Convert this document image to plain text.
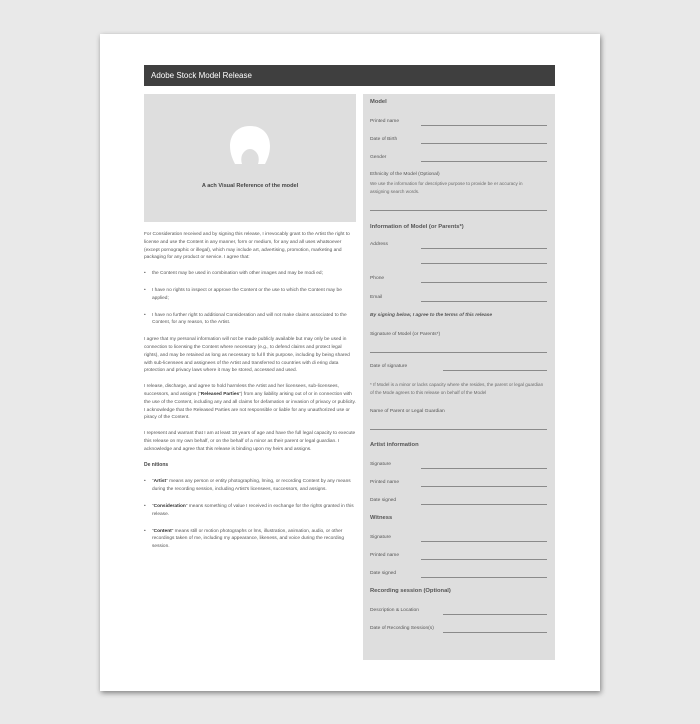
Adobe Stock Model Release
A ach Visual Reference of the model

For Consideration received and by signing this release, I irrevocably grant to the Artist the right to license and use the Content in any manner, form or medium, for any and all uses whatsoever (except pornographic or illegal), which may include art, advertising, promotion, marketing and packaging for any product or service. I agree that:

• the Content may be used in combination with other images and may be modi ed;
• I have no rights to inspect or approve the Content or the use to which the Content may be applied;
• I have no further right to additional Consideration and will not make claims associated to the Content, for any reason, to the Artist.

I agree that my personal information will not be made publicly available but may only be used in connection to licensing the Content where necessary (e.g., to defend claims and protect legal rights), and may be retained as long as necessary to ful ll this purpose, including by being shared with sub-licensees and assignees of the Artist and transferred to countries with di ering data protection and privacy laws where it may be stored, accessed and used.

I release, discharge, and agree to hold harmless the Artist and her licensees, sub-licensees, successors, and assigns (“Released Parties”) from any liability arising out of or in connection with the use of the Content, including any and all claims for defamation or invasion of privacy or publicity. I acknowledge that the Released Parties are not responsible or liable for any unauthorized use or piracy of the Content.

I represent and warrant that I am at least 18 years of age and have the full legal capacity to execute this release on my own behalf, or on the behalf of a minor as their parent or legal guardian. I acknowledge and agree that this release is binding upon my heirs and assigns.

De nitions
• “Artist” means any person or entity photographing, lming, or recording Content by any means during the recording session, including Artist's licensees, successors, and assigns.
• “Consideration” means something of value I received in exchange for the rights granted in this release.
• “Content” means still or motion photographs or lms, illustration, animation, audio, or other recordings taken of me, including my appearance, likeness, and voice during the recording session.
Model
Printed name
Date of Birth
Gender
Ethnicity of the Model (Optional)
We use the information for descriptive purpose to provide be er accuracy in assigning search words.
Information of Model (or Parents*)
Address
Phone
Email
By signing below, I agree to the terms of this release
Signature of Model (or Parents*)
Date of signature
* If Model is a minor or lacks capacity where she resides, the parent or legal guardian of the Mode agrees to this release on behalf of the Model
Name of Parent or Legal Guardian
Artist information
Signature
Printed name
Date signed
Witness
Signature
Printed name
Date signed
Recording session (Optional)
Description & Location
Date of Recording Session(s)
